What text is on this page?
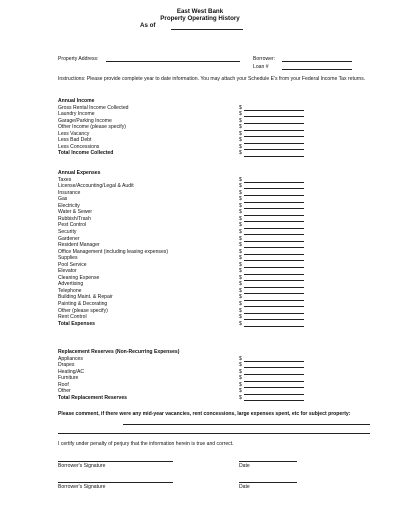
East West Bank
Property Operating History
As of
Property Address:	Borrower:
Loan #
Instructions: Please provide complete year to date information. You may attach your Schedule E's from your Federal Income Tax returns.
Annual Income
Gross Rental Income Collected	$
Laundry Income	$
Garage/Parking Income	$
Other Income (please specify)	$
Less Vacancy	$
Less Bad Debt	$
Less Concessions	$
Total Income Collected	$
Annual Expenses
Taxes	$
License/Accounting/Legal & Audit	$
Insurance	$
Gas	$
Electricity	$
Water & Sewer	$
Rubbish/Trash	$
Pest Control	$
Security	$
Gardener	$
Resident Manager	$
Office Management (including leasing expenses)	$
Supplies	$
Pool Service	$
Elevator	$
Cleaning Expense	$
Advertising	$
Telephone	$
Building Maint. & Repair	$
Painting & Decorating	$
Other (please specify)	$
Rent Control	$
Total Expenses	$
Replacement Reserves (Non-Recurring Expenses)
Appliances	$
Drapes	$
Heating/AC	$
Furniture	$
Roof	$
Other	$
Total Replacement Reserves	$
Please comment, if there were any mid-year vacancies, rent concessions, large expenses spent, etc for subject property:
I certify under penalty of perjury that the information herein is true and correct.
Borrower's Signature	Date
Borrower's Signature	Date
